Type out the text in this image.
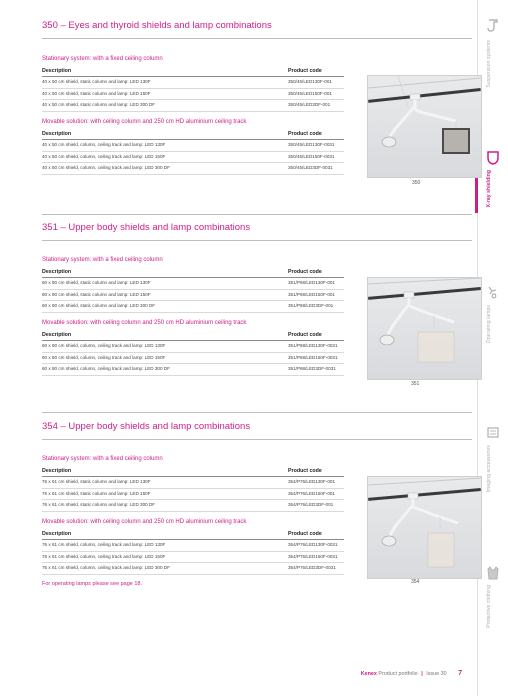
Suspension systems
X-ray shielding
Operating lamps
Imaging accessories
Protective clothing
350 – Eyes and thyroid shields and lamp combinations
Stationary system: with a fixed ceiling column
Description	Product code
40 x 50 cm shield, static column and lamp: LED 130F	350/45/LED130F-001
40 x 50 cm shield, static column and lamp: LED 150F	350/45/LED150F-001
40 x 50 cm shield, static column and lamp: LED 300 DF	350/45/LED3DF-001
Movable solution: with ceiling column and 250 cm HD aluminium ceiling track
Description	Product code
40 x 50 cm shield, column, ceiling track and lamp: LED 130F	350/45/LED130F-0031
40 x 50 cm shield, column, ceiling track and lamp: LED 150F	350/45/LED150F-0031
40 x 50 cm shield, column, ceiling track and lamp: LED 300 DF	350/45/LED3DF-0031
350
351 – Upper body shields and lamp combinations
Stationary system: with a fixed ceiling column
Description	Product code
60 x 80 cm shield, static column and lamp: LED 130F	351/P68/LED130F-001
60 x 80 cm shield, static column and lamp: LED 150F	351/P68/LED150F-001
60 x 80 cm shield, static column and lamp: LED 300 DF	351/P68/LED3DF-001
Movable solution: with ceiling column and 250 cm HD aluminium ceiling track
Description	Product code
60 x 80 cm shield, column, ceiling track and lamp: LED 130F	351/P68/LED130F-0031
60 x 80 cm shield, column, ceiling track and lamp: LED 150F	351/P68/LED150F-0031
60 x 80 cm shield, column, ceiling track and lamp: LED 300 DF	351/P68/LED3DF-0031
351
354 – Upper body shields and lamp combinations
Stationary system: with a fixed ceiling column
Description	Product code
76 x 61 cm shield, static column and lamp: LED 130F	354/P76/LED130F-001
76 x 61 cm shield, static column and lamp: LED 150F	354/P76/LED150F-001
76 x 61 cm shield, static column and lamp: LED 300 DF	354/P76/LED3DF-001
Movable solution: with ceiling column and 250 cm HD aluminium ceiling track
Description	Product code
76 x 61 cm shield, column, ceiling track and lamp: LED 130F	354/P76/LED130F-0031
76 x 61 cm shield, column, ceiling track and lamp: LED 150F	354/P76/LED150F-0031
76 x 61 cm shield, column, ceiling track and lamp: LED 300 DF	354/P76/LED3DF-0031
354
For operating lamps please see page 18.
Kenex Product portfolio | Issue 30 7
